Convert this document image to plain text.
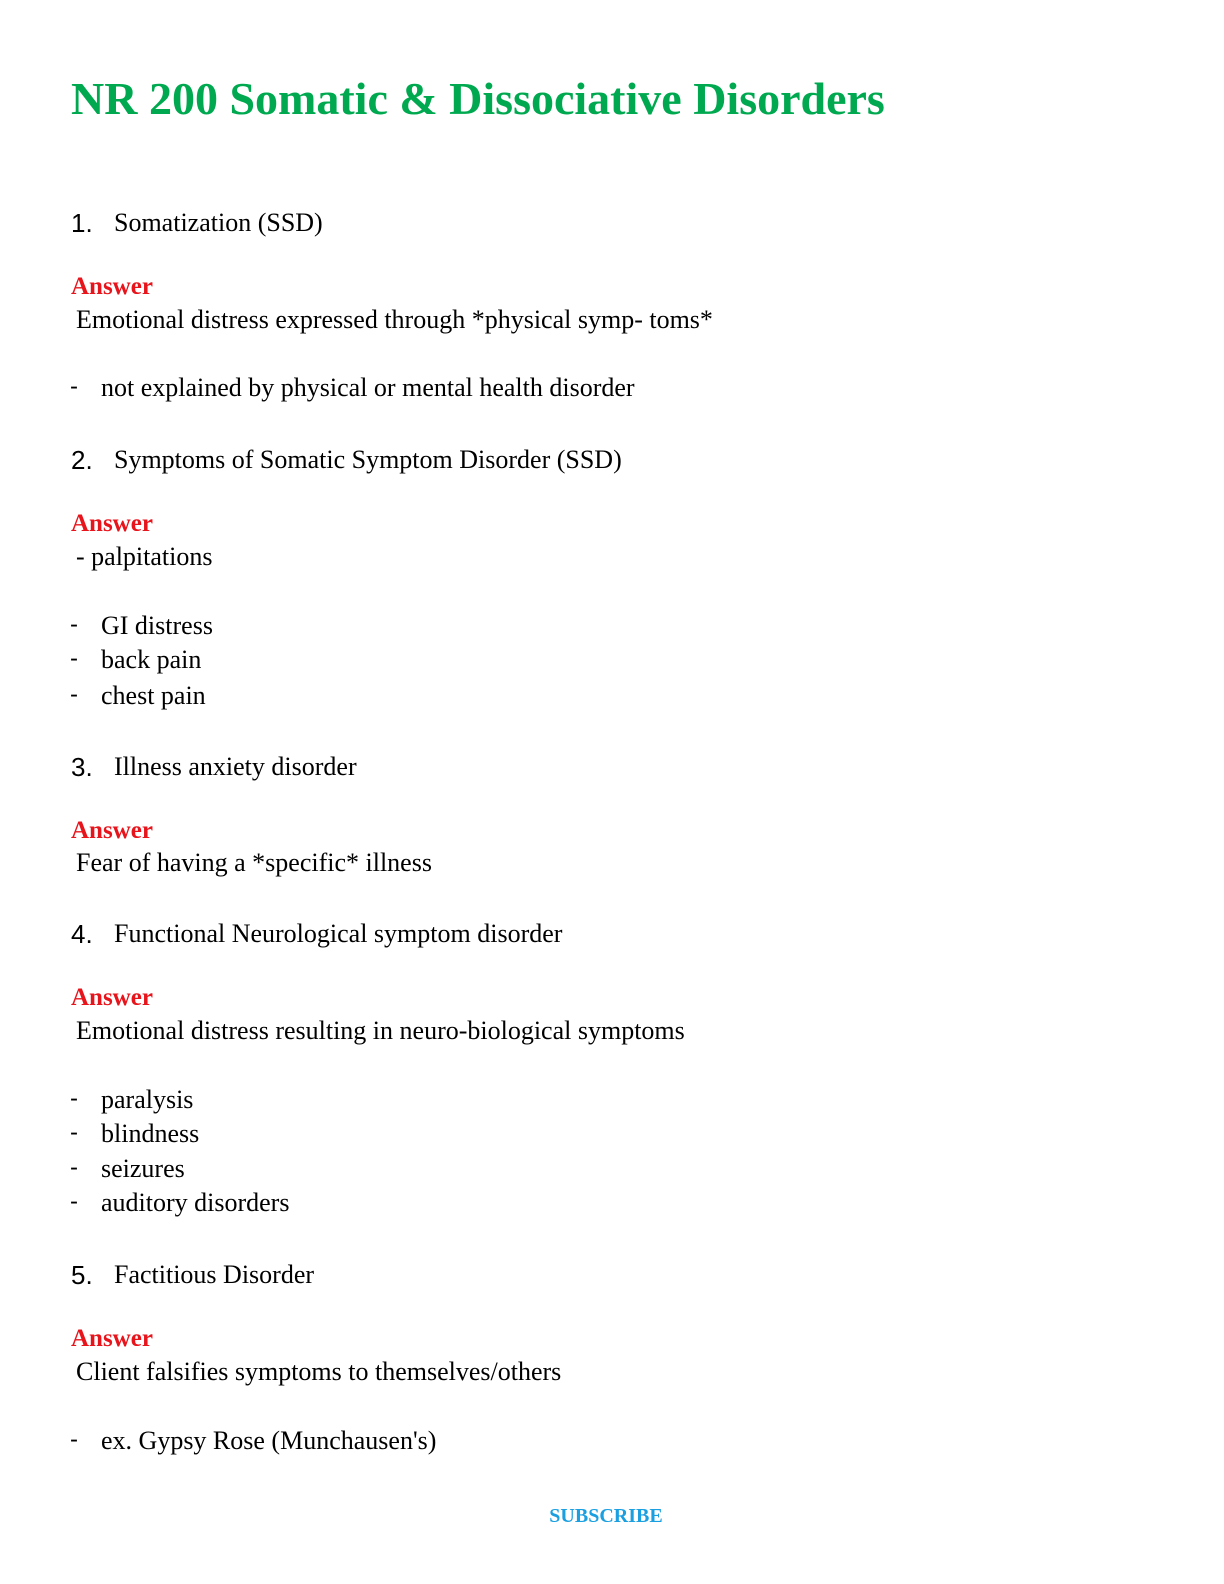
NR 200 Somatic & Dissociative Disorders
1. Somatization (SSD)
Answer
Emotional distress expressed through *physical symp- toms*
- not explained by physical or mental health disorder
2. Symptoms of Somatic Symptom Disorder (SSD)
Answer
- palpitations
- GI distress
- back pain
- chest pain
3. Illness anxiety disorder
Answer
Fear of having a *specific* illness
4. Functional Neurological symptom disorder
Answer
Emotional distress resulting in neuro-biological symptoms
- paralysis
- blindness
- seizures
- auditory disorders
5. Factitious Disorder
Answer
Client falsifies symptoms to themselves/others
- ex. Gypsy Rose (Munchausen's)
SUBSCRIBE
